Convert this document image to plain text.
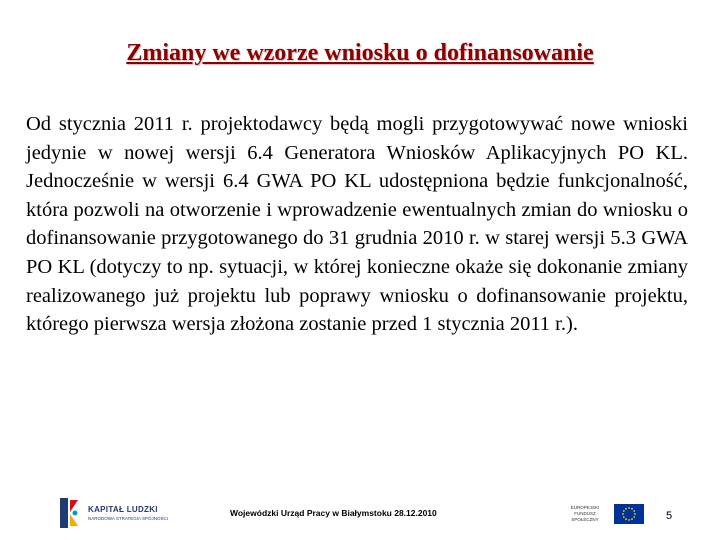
Zmiany we wzorze wniosku o dofinansowanie

Od stycznia 2011 r. projektodawcy będą mogli przygotowywać nowe wnioski jedynie w nowej wersji 6.4 Generatora Wniosków Aplikacyjnych PO KL. Jednocześnie w wersji 6.4 GWA PO KL udostępniona będzie funkcjonalność, która pozwoli na otworzenie i wprowadzenie ewentualnych zmian do wniosku o dofinansowanie przygotowanego do 31 grudnia 2010 r. w starej wersji 5.3 GWA PO KL (dotyczy to np. sytuacji, w której konieczne okaże się dokonanie zmiany realizowanego już projektu lub poprawy wniosku o dofinansowanie projektu, którego pierwsza wersja złożona zostanie przed 1 stycznia 2011 r.).

KAPITAŁ LUDZKI
NARODOWA STRATEGIA SPÓJNOŚCI
Wojewódzki Urząd Pracy w Białymstoku 28.12.2010
EUROPEJSKI FUNDUSZ SPOŁECZNY	5
